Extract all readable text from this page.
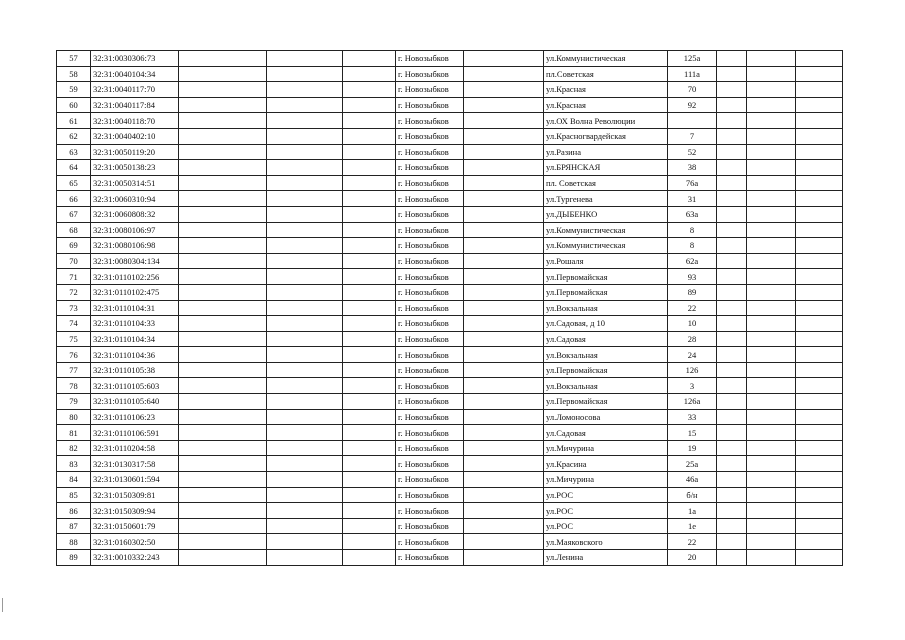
57	32:31:0030306:73				г. Новозыбков		ул.Коммунистическая	125а			
58	32:31:0040104:34				г. Новозыбков		пл.Советская	111а			
59	32:31:0040117:70				г. Новозыбков		ул.Красная	70			
60	32:31:0040117:84				г. Новозыбков		ул.Красная	92			
61	32:31:0040118:70				г. Новозыбков		ул.ОХ Волна Революции				
62	32:31:0040402:10				г. Новозыбков		ул.Красногвардейская	7			
63	32:31:0050119:20				г. Новозыбков		ул.Разина	52			
64	32:31:0050138:23				г. Новозыбков		ул.БРЯНСКАЯ	38			
65	32:31:0050314:51				г. Новозыбков		пл. Советская	76а			
66	32:31:0060310:94				г. Новозыбков		ул.Тургенева	31			
67	32:31:0060808:32				г. Новозыбков		ул.ДЫБЕНКО	63а			
68	32:31:0080106:97				г. Новозыбков		ул.Коммунистическая	8			
69	32:31:0080106:98				г. Новозыбков		ул.Коммунистическая	8			
70	32:31:0080304:134				г. Новозыбков		ул.Рошаля	62а			
71	32:31:0110102:256				г. Новозыбков		ул.Первомайская	93			
72	32:31:0110102:475				г. Новозыбков		ул.Первомайская	89			
73	32:31:0110104:31				г. Новозыбков		ул.Вокзальная	22			
74	32:31:0110104:33				г. Новозыбков		ул.Садовая, д 10	10			
75	32:31:0110104:34				г. Новозыбков		ул.Садовая	28			
76	32:31:0110104:36				г. Новозыбков		ул.Вокзальная	24			
77	32:31:0110105:38				г. Новозыбков		ул.Первомайская	126			
78	32:31:0110105:603				г. Новозыбков		ул.Вокзальная	3			
79	32:31:0110105:640				г. Новозыбков		ул.Первомайская	126а			
80	32:31:0110106:23				г. Новозыбков		ул.Ломоносова	33			
81	32:31:0110106:591				г. Новозыбков		ул.Садовая	15			
82	32:31:0110204:58				г. Новозыбков		ул.Мичурина	19			
83	32:31:0130317:58				г. Новозыбков		ул.Красина	25а			
84	32:31:0130601:594				г. Новозыбков		ул.Мичурина	46а			
85	32:31:0150309:81				г. Новозыбков		ул.РОС	б/н			
86	32:31:0150309:94				г. Новозыбков		ул.РОС	1а			
87	32:31:0150601:79				г. Новозыбков		ул.РОС	1е			
88	32:31:0160302:50				г. Новозыбков		ул.Маяковского	22			
89	32:31:0010332:243				г. Новозыбков		ул.Ленина	20			
